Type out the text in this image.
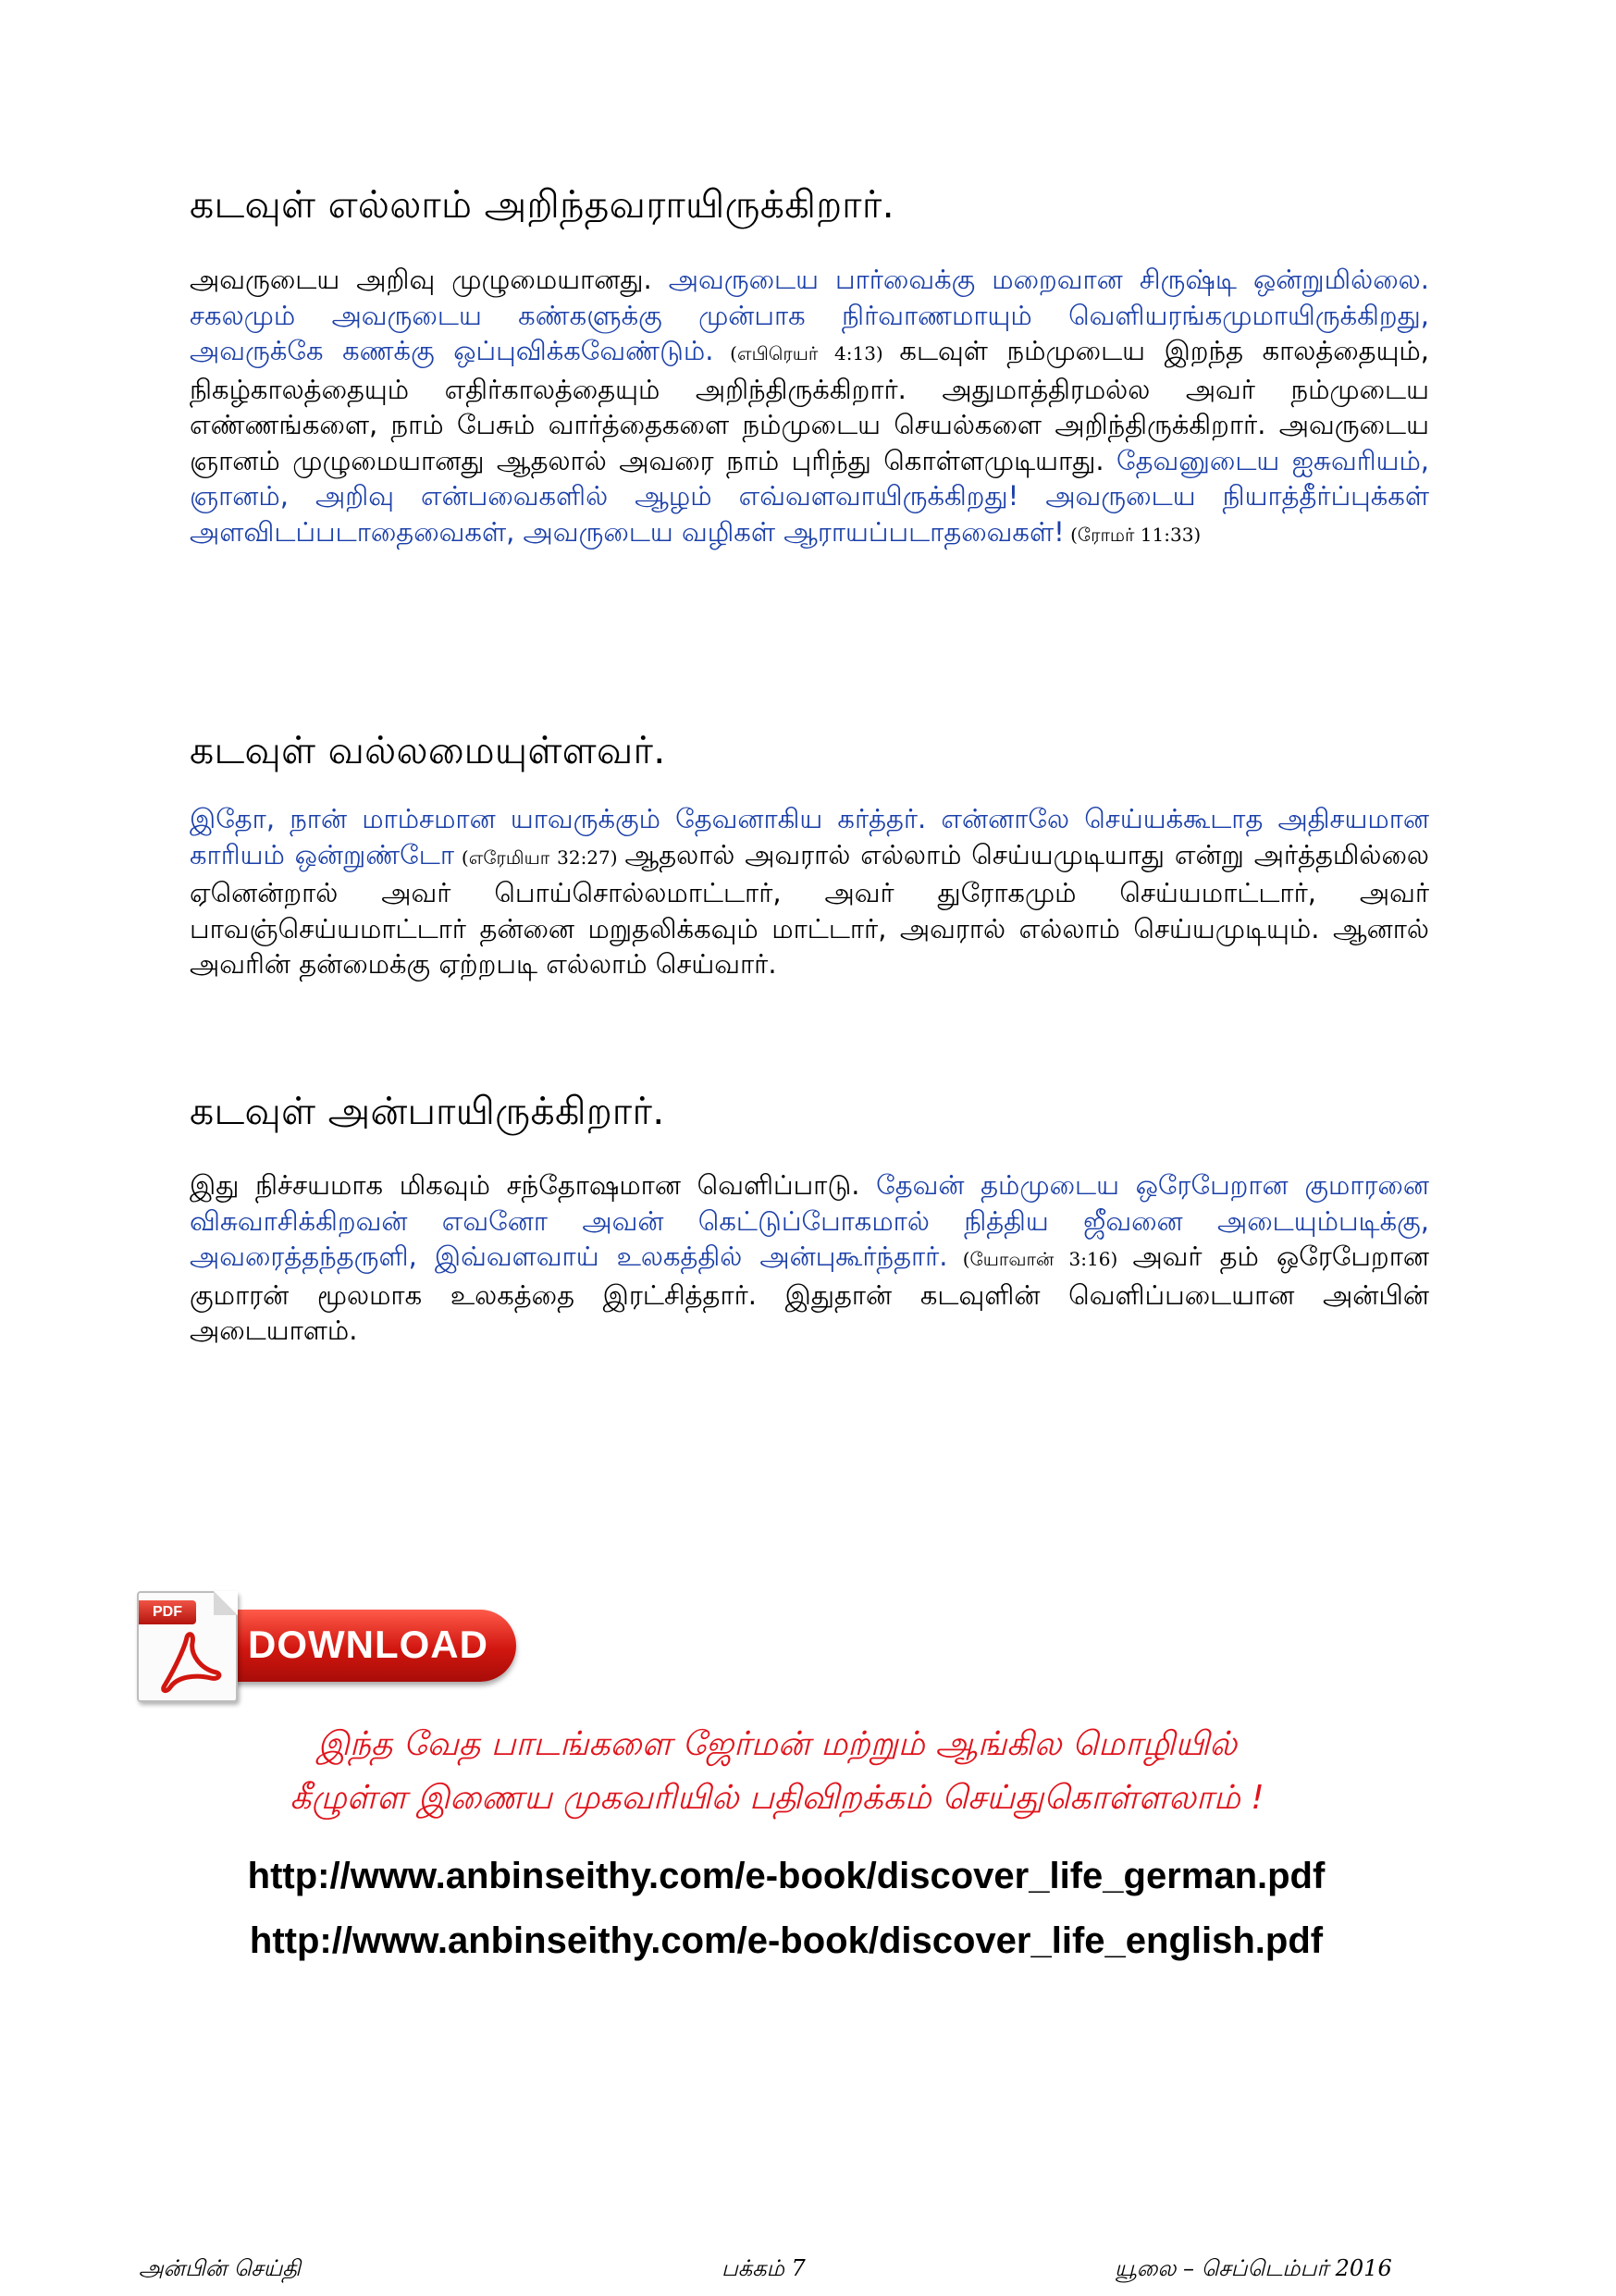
கடவுள் எல்லாம் அறிந்தவராயிருக்கிறார்.

அவருடைய அறிவு முழுமையானது. அவருடைய பார்வைக்கு மறைவான சிருஷ்டி ஒன்றுமில்லை. சகலமும் அவருடைய கண்களுக்கு முன்பாக நிர்வாணமாயும் வெளியரங்கமுமாயிருக்கிறது, அவருக்கே கணக்கு ஒப்புவிக்கவேண்டும். (எபிரெயர் 4:13) கடவுள் நம்முடைய இறந்த காலத்தையும், நிகழ்காலத்தையும் எதிர்காலத்தையும் அறிந்திருக்கிறார். அதுமாத்திரமல்ல அவர் நம்முடைய எண்ணங்களை, நாம் பேசும் வார்த்தைகளை நம்முடைய செயல்களை அறிந்திருக்கிறார். அவருடைய ஞானம் முழுமையானது ஆதலால் அவரை நாம் புரிந்து கொள்ளமுடியாது. தேவனுடைய ஐசுவரியம், ஞானம், அறிவு என்பவைகளில் ஆழம் எவ்வளவாயிருக்கிறது! அவருடைய நியாத்தீர்ப்புக்கள் அளவிடப்படாதைவைகள், அவருடைய வழிகள் ஆராயப்படாதவைகள்! (ரோமர் 11:33)

கடவுள் வல்லமையுள்ளவர்.

இதோ, நான் மாம்சமான யாவருக்கும் தேவனாகிய கர்த்தர். என்னாலே செய்யக்கூடாத அதிசயமான காரியம் ஒன்றுண்டோ (எரேமியா 32:27) ஆதலால் அவரால் எல்லாம் செய்யமுடியாது என்று அர்த்தமில்லை ஏனென்றால் அவர் பொய்சொல்லமாட்டார், அவர் துரோகமும் செய்யமாட்டார், அவர் பாவஞ்செய்யமாட்டார் தன்னை மறுதலிக்கவும் மாட்டார், அவரால் எல்லாம் செய்யமுடியும். ஆனால் அவரின் தன்மைக்கு ஏற்றபடி எல்லாம் செய்வார்.

கடவுள் அன்பாயிருக்கிறார்.

இது நிச்சயமாக மிகவும் சந்தோஷமான வெளிப்பாடு. தேவன் தம்முடைய ஒரேபேறான குமாரனை விசுவாசிக்கிறவன் எவனோ அவன் கெட்டுப்போகமால் நித்திய ஜீவனை அடையும்படிக்கு, அவரைத்தந்தருளி, இவ்வளவாய் உலகத்தில் அன்புகூர்ந்தார். (யோவான் 3:16) அவர் தம் ஒரேபேறான குமாரன் மூலமாக உலகத்தை இரட்சித்தார். இதுதான் கடவுளின் வெளிப்படையான அன்பின் அடையாளம்.

DOWNLOAD
PDF

இந்த வேத பாடங்களை ஜேர்மன் மற்றும் ஆங்கில மொழியில்

கீழுள்ள இணைய முகவரியில் பதிவிறக்கம் செய்துகொள்ளலாம் !

http://www.anbinseithy.com/e-book/discover_life_german.pdf
http://www.anbinseithy.com/e-book/discover_life_english.pdf
அன்பின் செய்தி	பக்கம் 7	யூலை – செப்டெம்பர் 2016
